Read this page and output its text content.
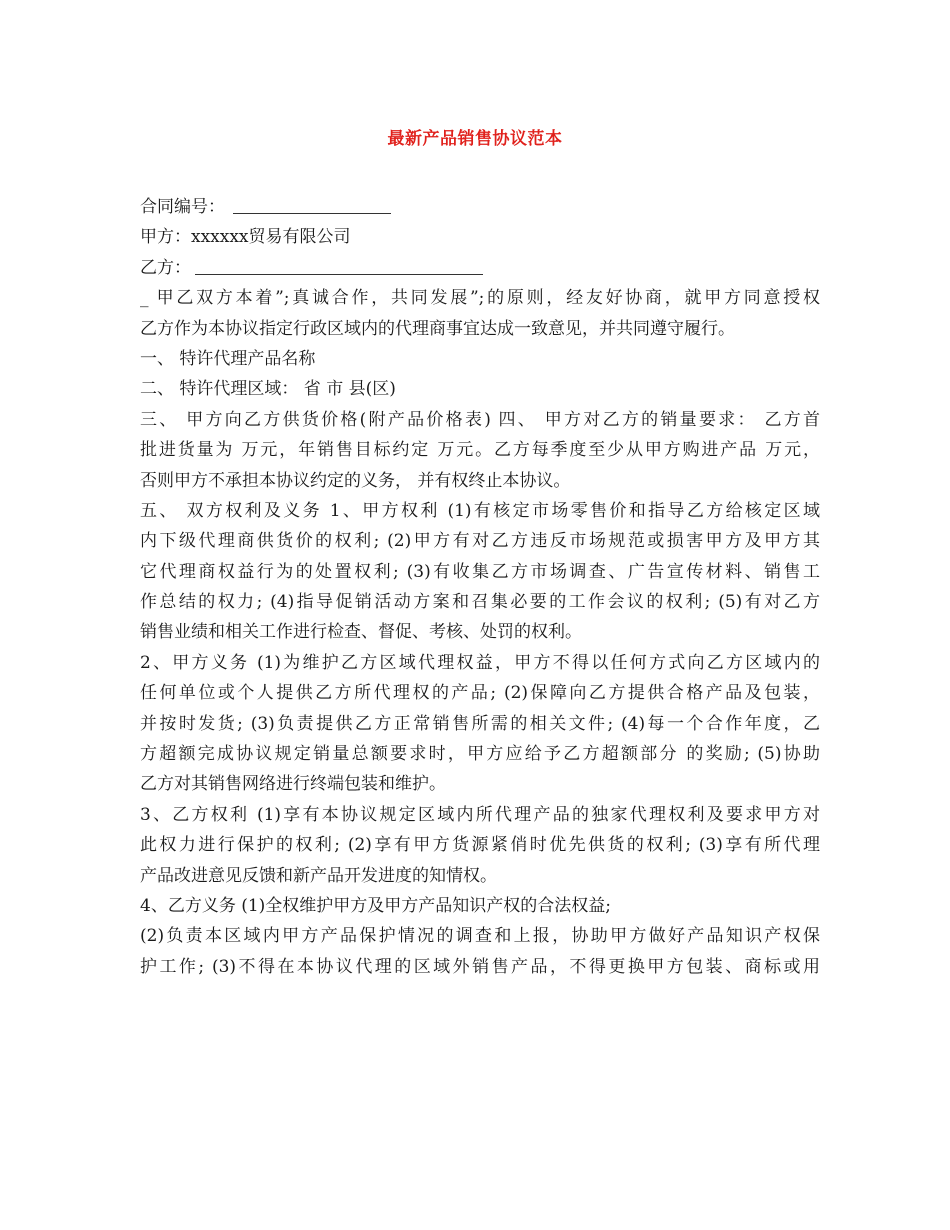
最新产品销售协议范本
合同编号：
甲方：xxxxxx贸易有限公司
乙方：
_ 甲乙双方本着”;真诚合作，共同发展”;的原则，经友好协商，就甲方同意授权
乙方作为本协议指定行政区域内的代理商事宜达成一致意见，并共同遵守履行。
一、 特许代理产品名称
二、 特许代理区域： 省 市 县(区)
三、 甲方向乙方供货价格(附产品价格表) 四、 甲方对乙方的销量要求： 乙方首
批进货量为 万元，年销售目标约定 万元。乙方每季度至少从甲方购进产品 万元，
否则甲方不承担本协议约定的义务， 并有权终止本协议。
五、 双方权利及义务 1、甲方权利 (1)有核定市场零售价和指导乙方给核定区域
内下级代理商供货价的权利; (2)甲方有对乙方违反市场规范或损害甲方及甲方其
它代理商权益行为的处置权利; (3)有收集乙方市场调查、广告宣传材料、销售工
作总结的权力; (4)指导促销活动方案和召集必要的工作会议的权利; (5)有对乙方
销售业绩和相关工作进行检查、督促、考核、处罚的权利。
2、甲方义务 (1)为维护乙方区域代理权益，甲方不得以任何方式向乙方区域内的
任何单位或个人提供乙方所代理权的产品; (2)保障向乙方提供合格产品及包装，
并按时发货; (3)负责提供乙方正常销售所需的相关文件; (4)每一个合作年度，乙
方超额完成协议规定销量总额要求时，甲方应给予乙方超额部分 的奖励; (5)协助
乙方对其销售网络进行终端包装和维护。
3、乙方权利 (1)享有本协议规定区域内所代理产品的独家代理权利及要求甲方对
此权力进行保护的权利; (2)享有甲方货源紧俏时优先供货的权利; (3)享有所代理
产品改进意见反馈和新产品开发进度的知情权。
4、乙方义务 (1)全权维护甲方及甲方产品知识产权的合法权益;
(2)负责本区域内甲方产品保护情况的调查和上报，协助甲方做好产品知识产权保
护工作; (3)不得在本协议代理的区域外销售产品，不得更换甲方包装、商标或用
